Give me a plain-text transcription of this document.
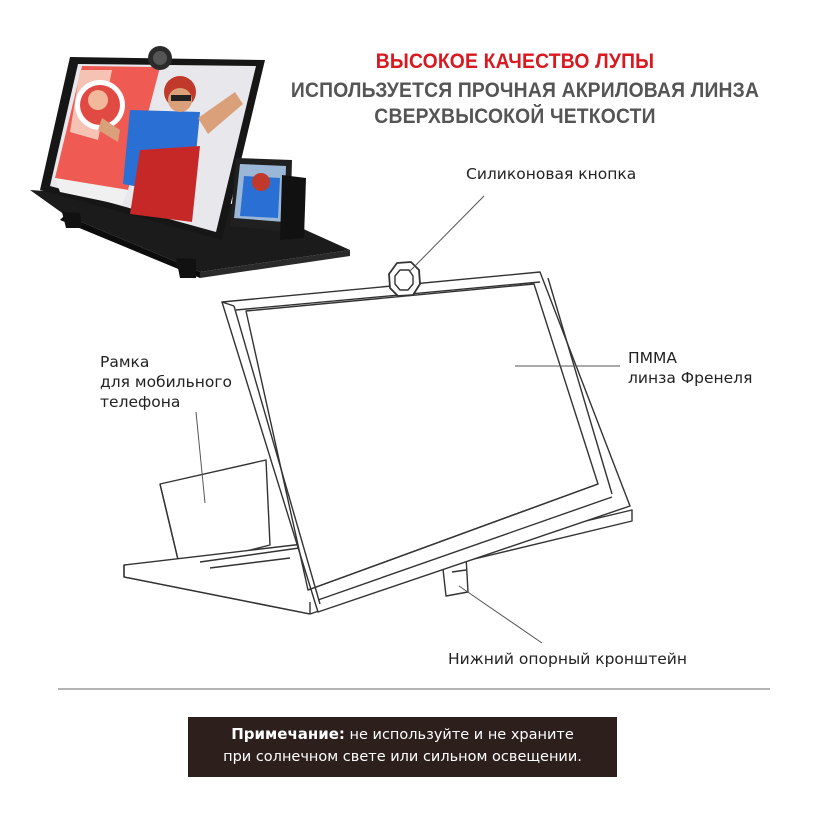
ВЫСОКОЕ КАЧЕСТВО ЛУПЫ
ИСПОЛЬЗУЕТСЯ ПРОЧНАЯ АКРИЛОВАЯ ЛИНЗА
СВЕРХВЫСОКОЙ ЧЕТКОСТИ
Силиконовая кнопка
Рамка
для мобильного
телефона
ПММА
линза Френеля
Нижний опорный кронштейн
Примечание: не используйте и не храните
при солнечном свете или сильном освещении.
